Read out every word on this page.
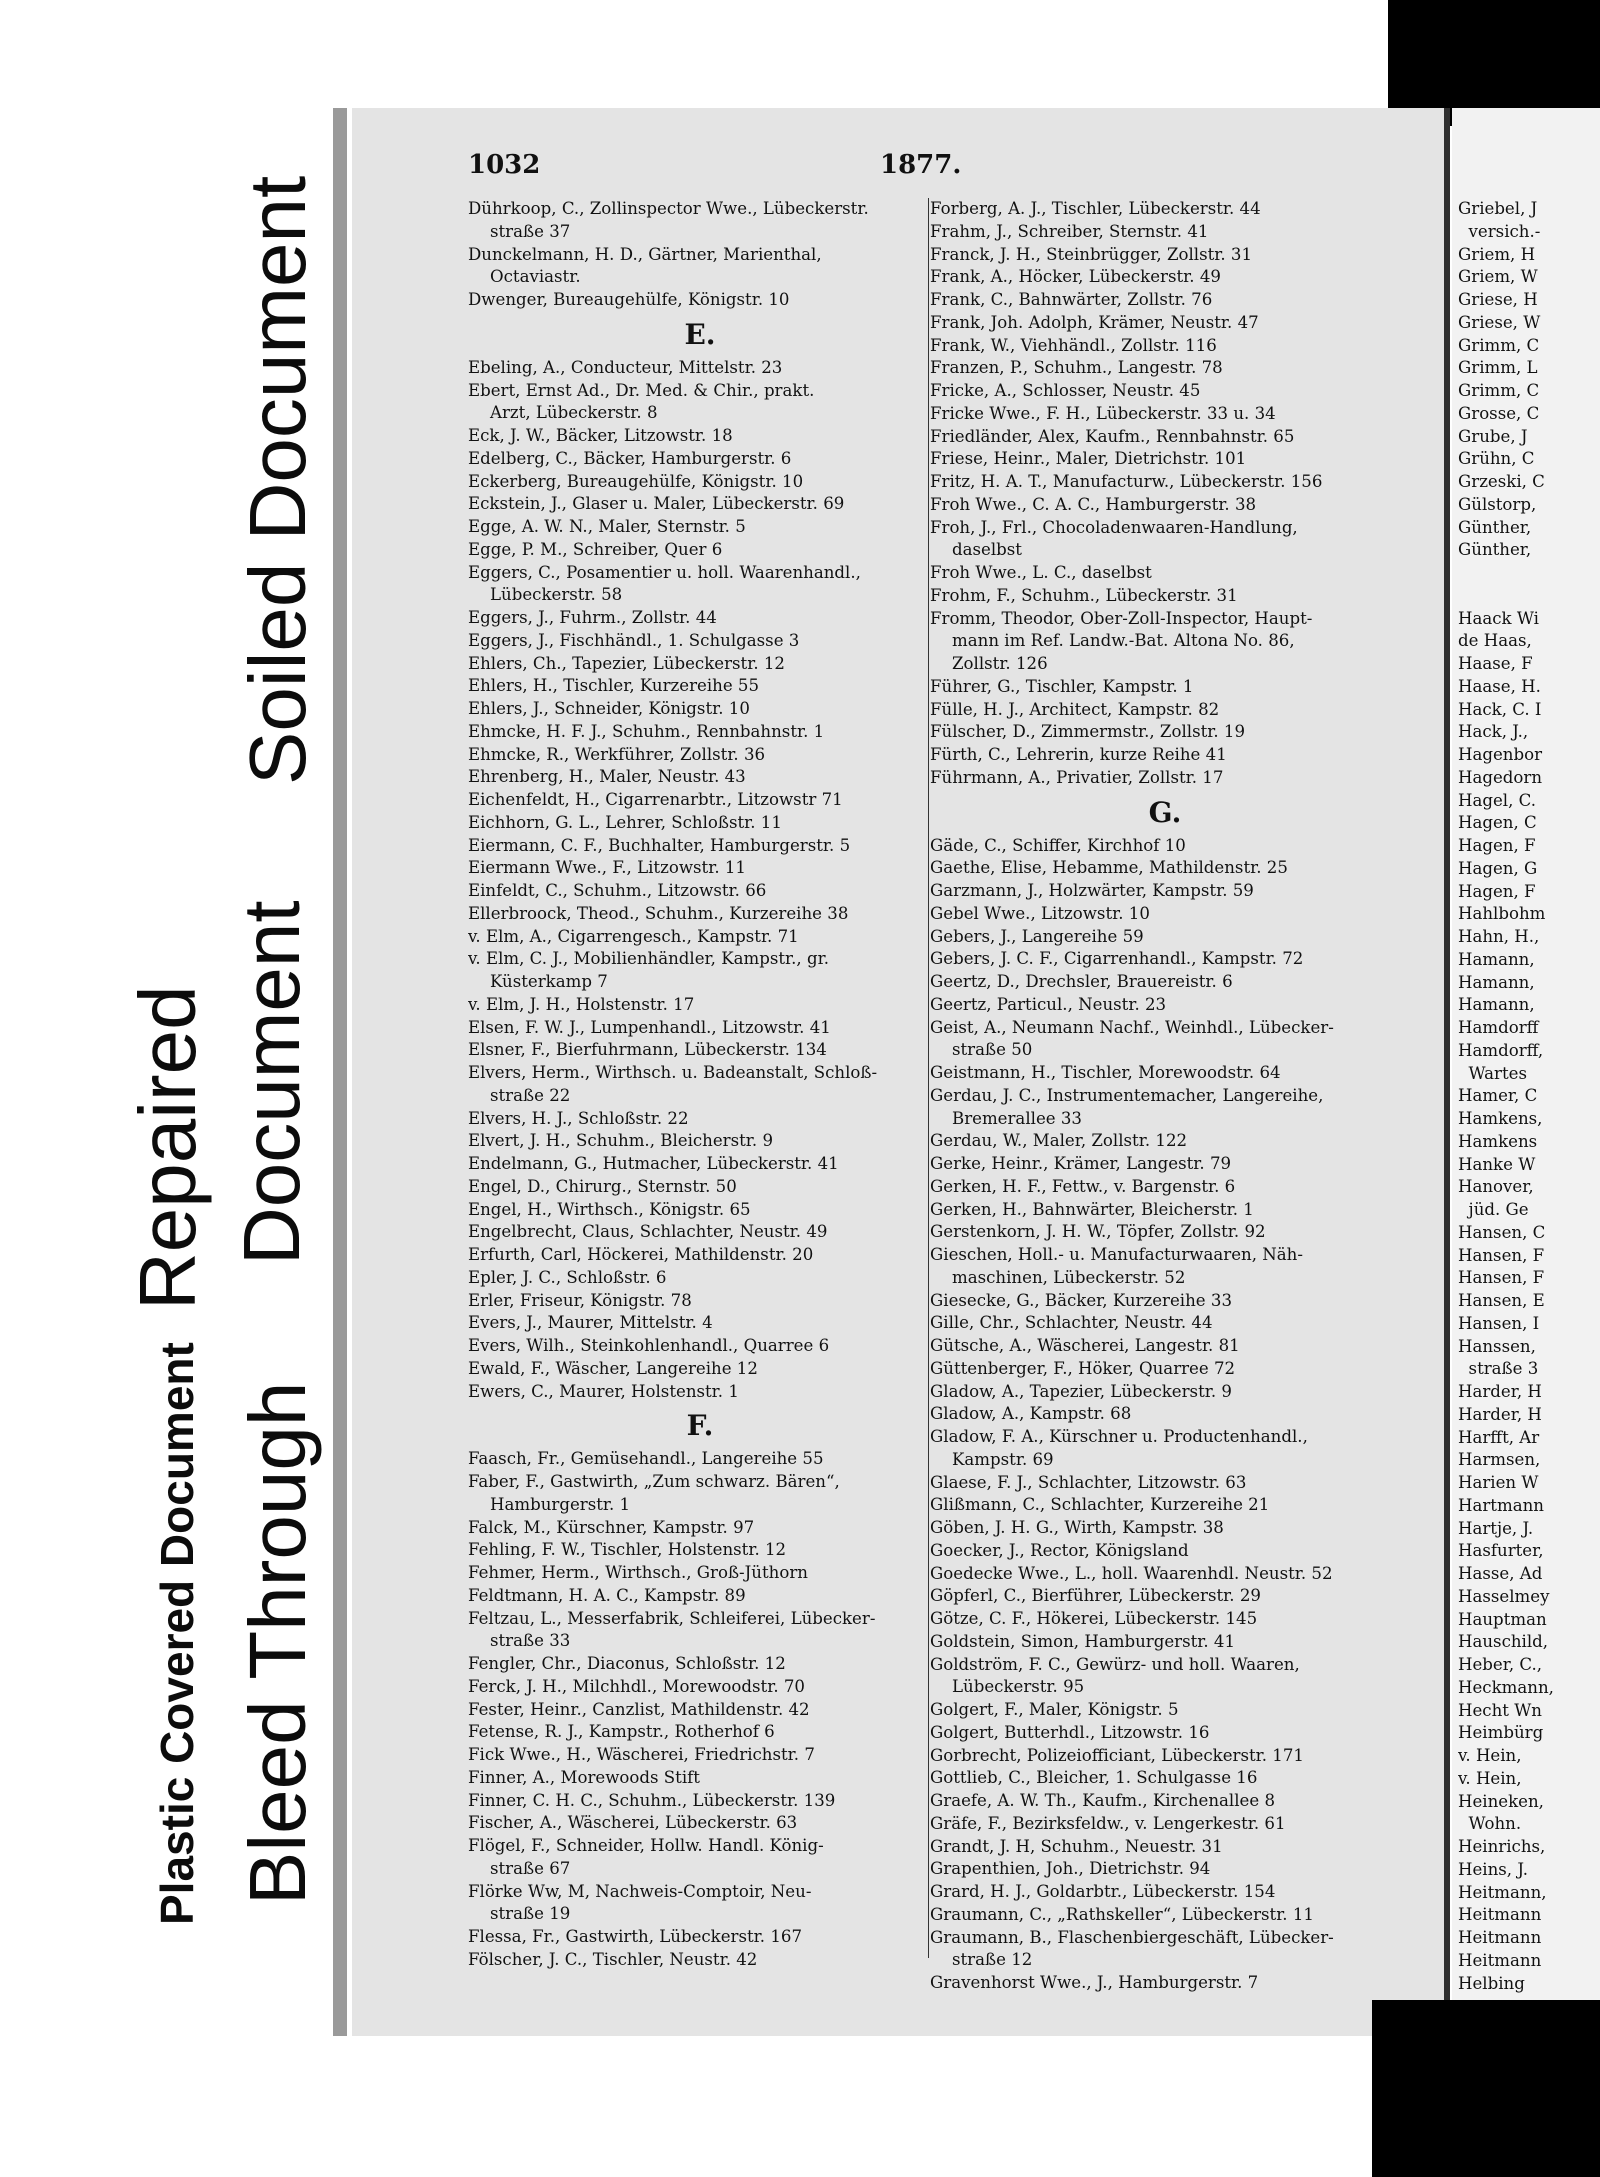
Plastic Covered Document Bleed Through
Repaired Document
Soiled Document
1032	1877.
Dührkoop, C., Zollinspector Wwe., Lübeckerstr.
straße 37
Dunckelmann, H. D., Gärtner, Marienthal,
Octaviastr.
Dwenger, Bureaugehülfe, Königstr. 10
E.
Ebeling, A., Conducteur, Mittelstr. 23
Ebert, Ernst Ad., Dr. Med. & Chir., prakt.
Arzt, Lübeckerstr. 8
Eck, J. W., Bäcker, Litzowstr. 18
Edelberg, C., Bäcker, Hamburgerstr. 6
Eckerberg, Bureaugehülfe, Königstr. 10
Eckstein, J., Glaser u. Maler, Lübeckerstr. 69
Egge, A. W. N., Maler, Sternstr. 5
Egge, P. M., Schreiber, Quer 6
Eggers, C., Posamentier u. holl. Waarenhandl.,
Lübeckerstr. 58
Eggers, J., Fuhrm., Zollstr. 44
Eggers, J., Fischhändl., 1. Schulgasse 3
Ehlers, Ch., Tapezier, Lübeckerstr. 12
Ehlers, H., Tischler, Kurzereihe 55
Ehlers, J., Schneider, Königstr. 10
Ehmcke, H. F. J., Schuhm., Rennbahnstr. 1
Ehmcke, R., Werkführer, Zollstr. 36
Ehrenberg, H., Maler, Neustr. 43
Eichenfeldt, H., Cigarrenarbtr., Litzowstr 71
Eichhorn, G. L., Lehrer, Schloßstr. 11
Eiermann, C. F., Buchhalter, Hamburgerstr. 5
Eiermann Wwe., F., Litzowstr. 11
Einfeldt, C., Schuhm., Litzowstr. 66
Ellerbroock, Theod., Schuhm., Kurzereihe 38
v. Elm, A., Cigarrengesch., Kampstr. 71
v. Elm, C. J., Mobilienhändler, Kampstr., gr.
Küsterkamp 7
v. Elm, J. H., Holstenstr. 17
Elsen, F. W. J., Lumpenhandl., Litzowstr. 41
Elsner, F., Bierfuhrmann, Lübeckerstr. 134
Elvers, Herm., Wirthsch. u. Badeanstalt, Schloß-
straße 22
Elvers, H. J., Schloßstr. 22
Elvert, J. H., Schuhm., Bleicherstr. 9
Endelmann, G., Hutmacher, Lübeckerstr. 41
Engel, D., Chirurg., Sternstr. 50
Engel, H., Wirthsch., Königstr. 65
Engelbrecht, Claus, Schlachter, Neustr. 49
Erfurth, Carl, Höckerei, Mathildenstr. 20
Epler, J. C., Schloßstr. 6
Erler, Friseur, Königstr. 78
Evers, J., Maurer, Mittelstr. 4
Evers, Wilh., Steinkohlenhandl., Quarree 6
Ewald, F., Wäscher, Langereihe 12
Ewers, C., Maurer, Holstenstr. 1
F.
Faasch, Fr., Gemüsehandl., Langereihe 55
Faber, F., Gastwirth, „Zum schwarz. Bären“,
Hamburgerstr. 1
Falck, M., Kürschner, Kampstr. 97
Fehling, F. W., Tischler, Holstenstr. 12
Fehmer, Herm., Wirthsch., Groß-Jüthorn
Feldtmann, H. A. C., Kampstr. 89
Feltzau, L., Messerfabrik, Schleiferei, Lübecker-
straße 33
Fengler, Chr., Diaconus, Schloßstr. 12
Ferck, J. H., Milchhdl., Morewoodstr. 70
Fester, Heinr., Canzlist, Mathildenstr. 42
Fetense, R. J., Kampstr., Rotherhof 6
Fick Wwe., H., Wäscherei, Friedrichstr. 7
Finner, A., Morewoods Stift
Finner, C. H. C., Schuhm., Lübeckerstr. 139
Fischer, A., Wäscherei, Lübeckerstr. 63
Flögel, F., Schneider, Hollw. Handl. König-
straße 67
Flörke Ww, M, Nachweis-Comptoir, Neu-
straße 19
Flessa, Fr., Gastwirth, Lübeckerstr. 167
Fölscher, J. C., Tischler, Neustr. 42
Forberg, A. J., Tischler, Lübeckerstr. 44
Frahm, J., Schreiber, Sternstr. 41
Franck, J. H., Steinbrügger, Zollstr. 31
Frank, A., Höcker, Lübeckerstr. 49
Frank, C., Bahnwärter, Zollstr. 76
Frank, Joh. Adolph, Krämer, Neustr. 47
Frank, W., Viehhändl., Zollstr. 116
Franzen, P., Schuhm., Langestr. 78
Fricke, A., Schlosser, Neustr. 45
Fricke Wwe., F. H., Lübeckerstr. 33 u. 34
Friedländer, Alex, Kaufm., Rennbahnstr. 65
Friese, Heinr., Maler, Dietrichstr. 101
Fritz, H. A. T., Manufacturw., Lübeckerstr. 156
Froh Wwe., C. A. C., Hamburgerstr. 38
Froh, J., Frl., Chocoladenwaaren-Handlung,
daselbst
Froh Wwe., L. C., daselbst
Frohm, F., Schuhm., Lübeckerstr. 31
Fromm, Theodor, Ober-Zoll-Inspector, Haupt-
mann im Ref. Landw.-Bat. Altona No. 86,
Zollstr. 126
Führer, G., Tischler, Kampstr. 1
Fülle, H. J., Architect, Kampstr. 82
Fülscher, D., Zimmermstr., Zollstr. 19
Fürth, C., Lehrerin, kurze Reihe 41
Führmann, A., Privatier, Zollstr. 17
G.
Gäde, C., Schiffer, Kirchhof 10
Gaethe, Elise, Hebamme, Mathildenstr. 25
Garzmann, J., Holzwärter, Kampstr. 59
Gebel Wwe., Litzowstr. 10
Gebers, J., Langereihe 59
Gebers, J. C. F., Cigarrenhandl., Kampstr. 72
Geertz, D., Drechsler, Brauereistr. 6
Geertz, Particul., Neustr. 23
Geist, A., Neumann Nachf., Weinhdl., Lübecker-
straße 50
Geistmann, H., Tischler, Morewoodstr. 64
Gerdau, J. C., Instrumentemacher, Langereihe,
Bremerallee 33
Gerdau, W., Maler, Zollstr. 122
Gerke, Heinr., Krämer, Langestr. 79
Gerken, H. F., Fettw., v. Bargenstr. 6
Gerken, H., Bahnwärter, Bleicherstr. 1
Gerstenkorn, J. H. W., Töpfer, Zollstr. 92
Gieschen, Holl.- u. Manufacturwaaren, Näh-
maschinen, Lübeckerstr. 52
Giesecke, G., Bäcker, Kurzereihe 33
Gille, Chr., Schlachter, Neustr. 44
Gütsche, A., Wäscherei, Langestr. 81
Güttenberger, F., Höker, Quarree 72
Gladow, A., Tapezier, Lübeckerstr. 9
Gladow, A., Kampstr. 68
Gladow, F. A., Kürschner u. Productenhandl.,
Kampstr. 69
Glaese, F. J., Schlachter, Litzowstr. 63
Glißmann, C., Schlachter, Kurzereihe 21
Göben, J. H. G., Wirth, Kampstr. 38
Goecker, J., Rector, Königsland
Goedecke Wwe., L., holl. Waarenhdl. Neustr. 52
Göpferl, C., Bierführer, Lübeckerstr. 29
Götze, C. F., Hökerei, Lübeckerstr. 145
Goldstein, Simon, Hamburgerstr. 41
Goldström, F. C., Gewürz- und holl. Waaren,
Lübeckerstr. 95
Golgert, F., Maler, Königstr. 5
Golgert, Butterhdl., Litzowstr. 16
Gorbrecht, Polizeiofficiant, Lübeckerstr. 171
Gottlieb, C., Bleicher, 1. Schulgasse 16
Graefe, A. W. Th., Kaufm., Kirchenallee 8
Gräfe, F., Bezirksfeldw., v. Lengerkestr. 61
Grandt, J. H, Schuhm., Neuestr. 31
Grapenthien, Joh., Dietrichstr. 94
Grard, H. J., Goldarbtr., Lübeckerstr. 154
Graumann, C., „Rathskeller“, Lübeckerstr. 11
Graumann, B., Flaschenbiergeschäft, Lübecker-
straße 12
Gravenhorst Wwe., J., Hamburgerstr. 7
Griebel, J
versich.-
Griem, H
Griem, W
Griese, H
Griese, W
Grimm, C
Grimm, L
Grimm, C
Grosse, C
Grube, J
Grühn, C
Grzeski, C
Gülstorp,
Günther,
Günther,
Haack Wi
de Haas,
Haase, F
Haase, H.
Hack, C. I
Hack, J.,
Hagenbor
Hagedorn
Hagel, C.
Hagen, C
Hagen, F
Hagen, G
Hagen, F
Hahlbohm
Hahn, H.,
Hamann,
Hamann,
Hamann,
Hamdorff
Hamdorff,
Wartes
Hamer, C
Hamkens,
Hamkens
Hanke W
Hanover,
jüd. Ge
Hansen, C
Hansen, F
Hansen, F
Hansen, E
Hansen, I
Hanssen,
straße 3
Harder, H
Harder, H
Harfft, Ar
Harmsen,
Harien W
Hartmann
Hartje, J.
Hasfurter,
Hasse, Ad
Hasselmey
Hauptman
Hauschild,
Heber, C.,
Heckmann,
Hecht Wn
Heimbürg
v. Hein,
v. Hein,
Heineken,
Wohn.
Heinrichs,
Heins, J.
Heitmann,
Heitmann
Heitmann
Heitmann
Helbing
